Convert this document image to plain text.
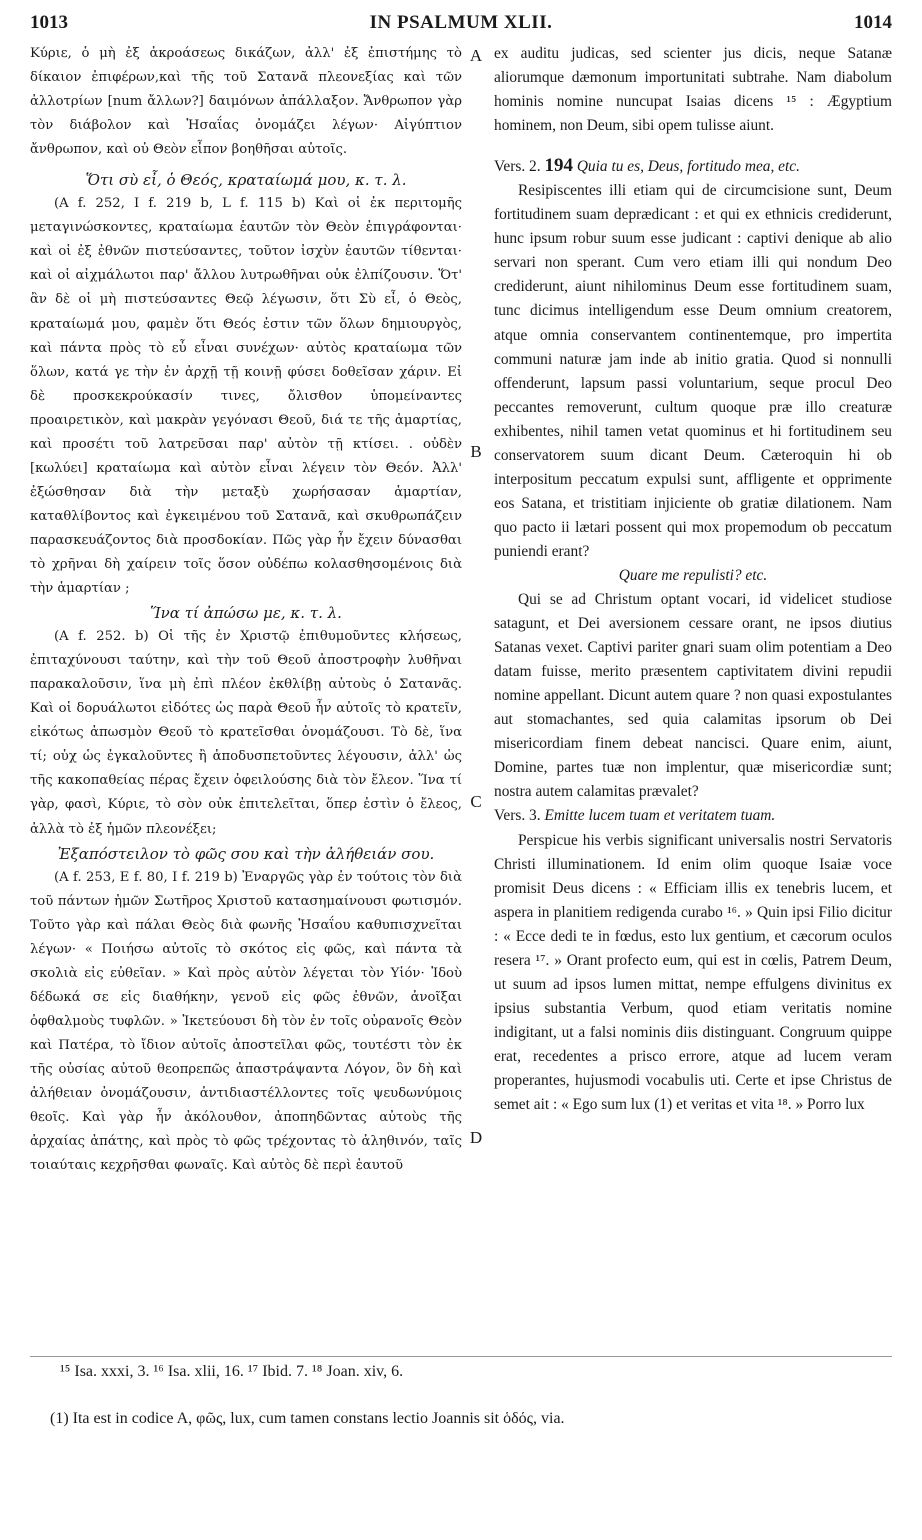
1013	IN PSALMUM XLII.	1014

Κύριε, ὁ μὴ ἐξ ἀκροάσεως δικάζων, ἀλλ' ἐξ ἐπιστήμης τὸ δίκαιον ἐπιφέρων,καὶ τῆς τοῦ Σατανᾶ πλεονεξίας καὶ τῶν ἀλλοτρίων [num ἄλλων?] δαιμόνων ἀπάλλαξον. Ἄνθρωπον γὰρ τὸν διάβολον καὶ Ἡσαΐας ὀνομάζει λέγων· Αἰγύπτιον ἄνθρωπον, καὶ οὐ Θεὸν εἶπον βοηθῆσαι αὐτοῖς.

Ὅτι σὺ εἶ, ὁ Θεός, κραταίωμά μου, κ. τ. λ.

(A f. 252, I f. 219 b, L f. 115 b) Καὶ οἱ ἐκ περιτομῆς μεταγινώσκοντες, κραταίωμα ἑαυτῶν τὸν Θεὸν ἐπιγράφονται· καὶ οἱ ἐξ ἐθνῶν πιστεύσαντες, τοῦτον ἰσχὺν ἑαυτῶν τίθενται· καὶ οἱ αἰχμάλωτοι παρ' ἄλλου λυτρωθῆναι οὐκ ἐλπίζουσιν. Ὅτ' ἂν δὲ οἱ μὴ πιστεύσαντες Θεῷ λέγωσιν, ὅτι Σὺ εἶ, ὁ Θεὸς, κραταίωμά μου, φαμὲν ὅτι Θεός ἐστιν τῶν ὅλων δημιουργὸς, καὶ πάντα πρὸς τὸ εὖ εἶναι συνέχων· αὐτὸς κραταίωμα τῶν ὅλων, κατά γε τὴν ἐν ἀρχῇ τῇ κοινῇ φύσει δοθεῖσαν χάριν. Εἰ δὲ προσκεκρούκασίν τινες, ὄλισθον ὑπομείναντες προαιρετικὸν, καὶ μακρὰν γεγόνασι Θεοῦ, διά τε τῆς ἁμαρτίας, καὶ προσέτι τοῦ λατρεῦσαι παρ' αὐτὸν τῇ κτίσει. . οὐδὲν [κωλύει] κραταίωμα καὶ αὐτὸν εἶναι λέγειν τὸν Θεόν. Ἀλλ' ἐξώσθησαν διὰ τὴν μεταξὺ χωρήσασαν ἁμαρτίαν, καταθλίβοντος καὶ ἐγκειμένου τοῦ Σατανᾶ, καὶ σκυθρωπάζειν παρασκευάζοντος διὰ προσδοκίαν. Πῶς γὰρ ἦν ἔχειν δύνασθαι τὸ χρῆναι δὴ χαίρειν τοῖς ὅσον οὐδέπω κολασθησομένοις διὰ τὴν ἁμαρτίαν ;

Ἵνα τί ἀπώσω με, κ. τ. λ.

(A f. 252. b) Οἱ τῆς ἐν Χριστῷ ἐπιθυμοῦντες κλήσεως, ἐπιταχύνουσι ταύτην, καὶ τὴν τοῦ Θεοῦ ἀποστροφὴν λυθῆναι παρακαλοῦσιν, ἵνα μὴ ἐπὶ πλέον ἐκθλίβῃ αὐτοὺς ὁ Σατανᾶς. Καὶ οἱ δορυάλωτοι εἰδότες ὡς παρὰ Θεοῦ ἦν αὐτοῖς τὸ κρατεῖν, εἰκότως ἀπωσμὸν Θεοῦ τὸ κρατεῖσθαι ὀνομάζουσι. Τὸ δὲ, ἵνα τί; οὐχ ὡς ἐγκαλοῦντες ἢ ἀποδυσπετοῦντες λέγουσιν, ἀλλ' ὡς τῆς κακοπαθείας πέρας ἔχειν ὀφειλούσης διὰ τὸν ἔλεον. Ἵνα τί γὰρ, φασὶ, Κύριε, τὸ σὸν οὐκ ἐπιτελεῖται, ὅπερ ἐστὶν ὁ ἔλεος, ἀλλὰ τὸ ἐξ ἡμῶν πλεονέξει;

Ἐξαπόστειλον τὸ φῶς σου καὶ τὴν ἀλήθειάν σου.

(A f. 253, E f. 80, I f. 219 b) Ἐναργῶς γὰρ ἐν τούτοις τὸν διὰ τοῦ πάντων ἡμῶν Σωτῆρος Χριστοῦ κατασημαίνουσι φωτισμόν. Τοῦτο γὰρ καὶ πάλαι Θεὸς διὰ φωνῆς Ἡσαΐου καθυπισχνεῖται λέγων· « Ποιήσω αὐτοῖς τὸ σκότος εἰς φῶς, καὶ πάντα τὰ σκολιὰ εἰς εὐθεῖαν. » Καὶ πρὸς αὐτὸν λέγεται τὸν Υἱόν· Ἰδοὺ δέδωκά σε εἰς διαθήκην, γενοῦ εἰς φῶς ἐθνῶν, ἀνοῖξαι ὀφθαλμοὺς τυφλῶν. » Ἱκετεύουσι δὴ τὸν ἐν τοῖς οὐρανοῖς Θεὸν καὶ Πατέρα, τὸ ἴδιον αὐτοῖς ἀποστεῖλαι φῶς, τουτέστι τὸν ἐκ τῆς οὐσίας αὐτοῦ θεοπρεπῶς ἀπαστράψαντα Λόγον, ὃν δὴ καὶ ἀλήθειαν ὀνομάζουσιν, ἀντιδιαστέλλοντες τοῖς ψευδωνύμοις θεοῖς. Καὶ γὰρ ἦν ἀκόλουθον, ἀποπηδῶντας αὐτοὺς τῆς ἀρχαίας ἀπάτης, καὶ πρὸς τὸ φῶς τρέχοντας τὸ ἀληθινόν, ταῖς τοιαύταις κεχρῆσθαι φωναῖς. Καὶ αὐτὸς δὲ περὶ ἑαυτοῦ

A
B
C
D

ex auditu judicas, sed scienter jus dicis, neque Satanæ aliorumque dæmonum importunitati subtrahe. Nam diabolum hominis nomine nuncupat Isaias dicens ¹⁵ : Ægyptium hominem, non Deum, sibi opem tulisse aiunt.

Vers. 2. 194 Quia tu es, Deus, fortitudo mea, etc.

Resipiscentes illi etiam qui de circumcisione sunt, Deum fortitudinem suam deprædicant : et qui ex ethnicis crediderunt, hunc ipsum robur suum esse judicant : captivi denique ab alio servari non sperant. Cum vero etiam illi qui nondum Deo crediderunt, aiunt nihilominus Deum esse fortitudinem suam, tunc dicimus intelligendum esse Deum omnium creatorem, atque omnia conservantem continentemque, pro impertita communi naturæ jam inde ab initio gratia. Quod si nonnulli offenderunt, lapsum passi voluntarium, seque procul Deo peccantes removerunt, cultum quoque præ illo creaturæ exhibentes, nihil tamen vetat quominus et hi fortitudinem seu conservatorem suum dicant Deum. Cæteroquin hi ob interpositum peccatum expulsi sunt, affligente et opprimente eos Satana, et tristitiam injiciente ob gratiæ dilationem. Nam quo pacto ii lætari possent qui mox propemodum ob peccatum puniendi erant?

Quare me repulisti? etc.

Qui se ad Christum optant vocari, id videlicet studiose satagunt, et Dei aversionem cessare orant, ne ipsos diutius Satanas vexet. Captivi pariter gnari suam olim potentiam a Deo datam fuisse, merito præsentem captivitatem divini repudii nomine appellant. Dicunt autem quare ? non quasi expostulantes aut stomachantes, sed quia calamitas ipsorum ob Dei misericordiam finem debeat nancisci. Quare enim, aiunt, Domine, partes tuæ non implentur, quæ misericordiæ sunt; nostra autem calamitas prævalet?

Vers. 3. Emitte lucem tuam et veritatem tuam.

Perspicue his verbis significant universalis nostri Servatoris Christi illuminationem. Id enim olim quoque Isaiæ voce promisit Deus dicens : « Efficiam illis ex tenebris lucem, et aspera in planitiem redigenda curabo ¹⁶. » Quin ipsi Filio dicitur : « Ecce dedi te in fœdus, esto lux gentium, et cæcorum oculos resera ¹⁷. » Orant profecto eum, qui est in cœlis, Patrem Deum, ut suum ad ipsos lumen mittat, nempe effulgens divinitus ex ipsius substantia Verbum, quod etiam veritatis nomine indigitant, ut a falsi nominis diis distinguant. Congruum quippe erat, recedentes a prisco errore, atque ad lucem veram properantes, hujusmodi vocabulis uti. Certe et ipse Christus de semet ait : « Ego sum lux (1) et veritas et vita ¹⁸. » Porro lux

¹⁵ Isa. xxxi, 3. ¹⁶ Isa. xlii, 16. ¹⁷ Ibid. 7. ¹⁸ Joan. xiv, 6.
(1) Ita est in codice A, φῶς, lux, cum tamen constans lectio Joannis sit ὁδός, via.
